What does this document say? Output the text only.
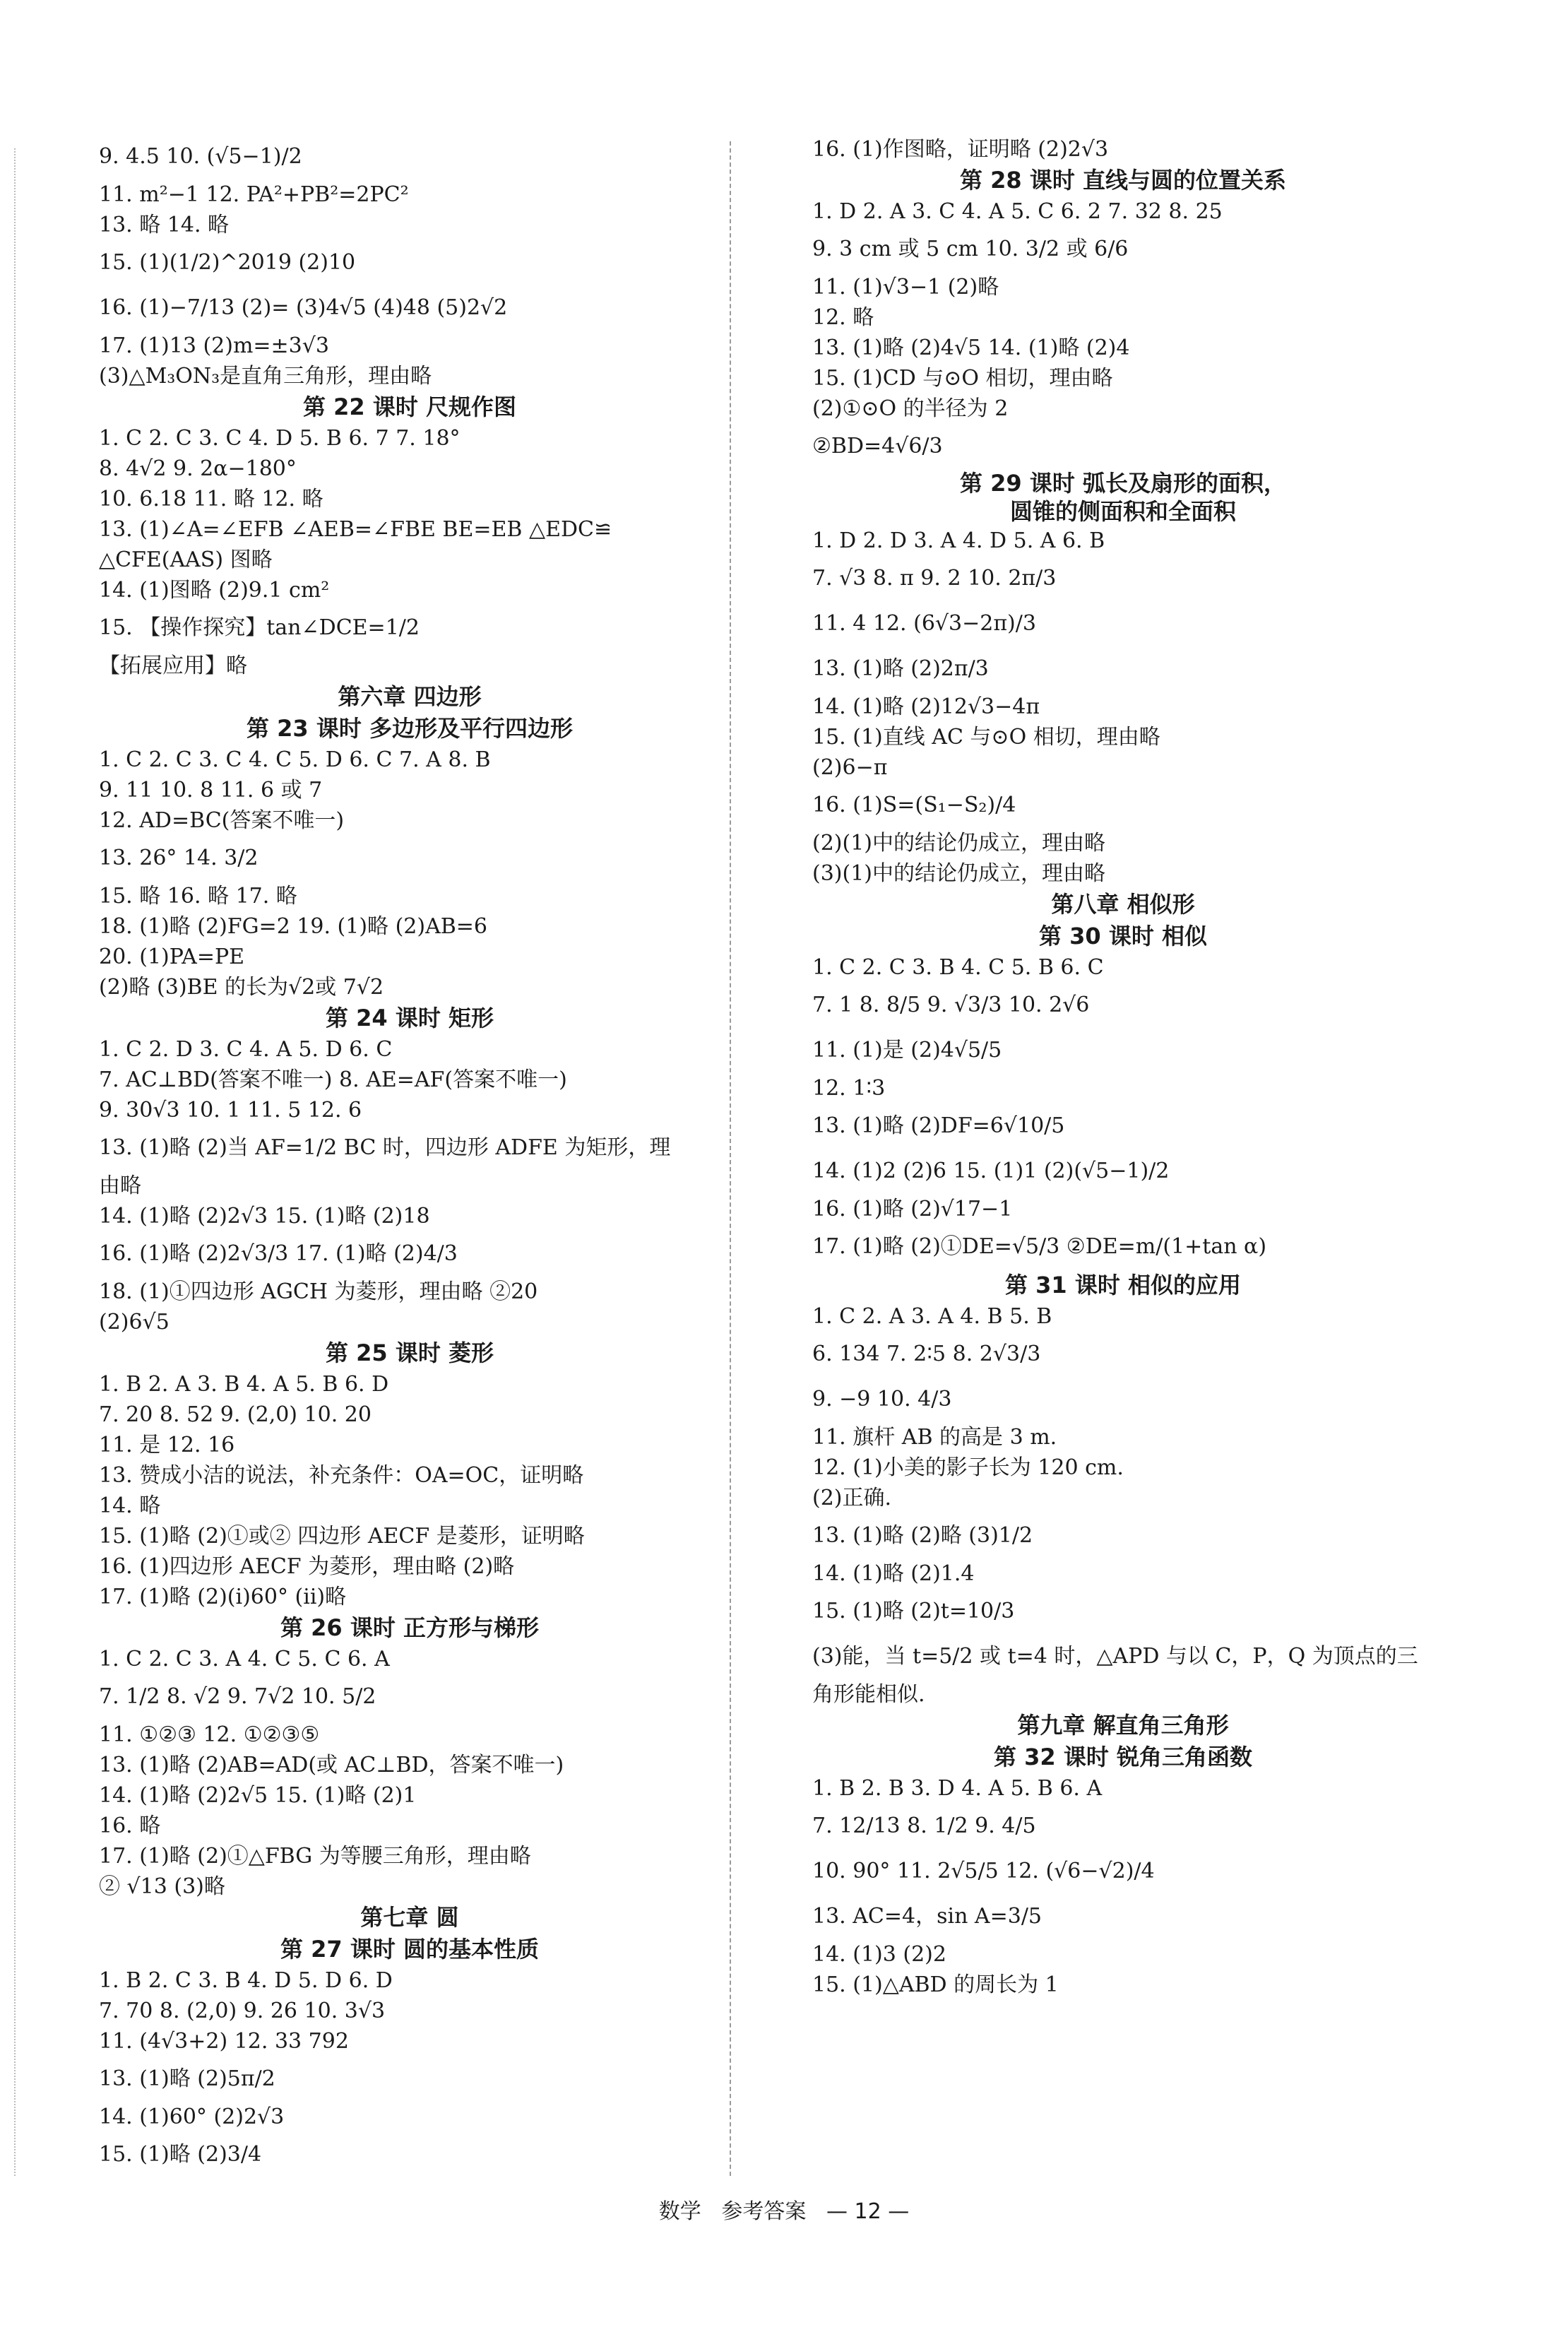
9. 4.5 10. (√5−1)/2
11. m²−1 12. PA²+PB²=2PC²
13. 略 14. 略
15. (1)(1/2)^2019 (2)10
16. (1)−7/13 (2)= (3)4√5 (4)48 (5)2√2
17. (1)13 (2)m=±3√3
(3)△M₃ON₃是直角三角形，理由略
第 22 课时 尺规作图
1. C 2. C 3. C 4. D 5. B 6. 7 7. 18°
8. 4√2 9. 2α−180°
10. 6.18 11. 略 12. 略
13. (1)∠A=∠EFB ∠AEB=∠FBE BE=EB △EDC≌
△CFE(AAS) 图略
14. (1)图略 (2)9.1 cm²
15. 【操作探究】tan∠DCE=1/2
【拓展应用】略
第六章 四边形
第 23 课时 多边形及平行四边形
1. C 2. C 3. C 4. C 5. D 6. C 7. A 8. B
9. 11 10. 8 11. 6 或 7
12. AD=BC(答案不唯一)
13. 26° 14. 3/2
15. 略 16. 略 17. 略
18. (1)略 (2)FG=2 19. (1)略 (2)AB=6
20. (1)PA=PE
(2)略 (3)BE 的长为√2或 7√2
第 24 课时 矩形
1. C 2. D 3. C 4. A 5. D 6. C
7. AC⊥BD(答案不唯一) 8. AE=AF(答案不唯一)
9. 30√3 10. 1 11. 5 12. 6
13. (1)略 (2)当 AF=1/2 BC 时，四边形 ADFE 为矩形，理
由略
14. (1)略 (2)2√3 15. (1)略 (2)18
16. (1)略 (2)2√3/3 17. (1)略 (2)4/3
18. (1)①四边形 AGCH 为菱形，理由略 ②20
(2)6√5
第 25 课时 菱形
1. B 2. A 3. B 4. A 5. B 6. D
7. 20 8. 52 9. (2,0) 10. 20
11. 是 12. 16
13. 赞成小洁的说法，补充条件：OA=OC，证明略
14. 略
15. (1)略 (2)①或② 四边形 AECF 是菱形，证明略
16. (1)四边形 AECF 为菱形，理由略 (2)略
17. (1)略 (2)(ⅰ)60° (ⅱ)略
第 26 课时 正方形与梯形
1. C 2. C 3. A 4. C 5. C 6. A
7. 1/2 8. √2 9. 7√2 10. 5/2
11. ①②③ 12. ①②③⑤
13. (1)略 (2)AB=AD(或 AC⊥BD，答案不唯一)
14. (1)略 (2)2√5 15. (1)略 (2)1
16. 略
17. (1)略 (2)①△FBG 为等腰三角形，理由略
② √13 (3)略
第七章 圆
第 27 课时 圆的基本性质
1. B 2. C 3. B 4. D 5. D 6. D
7. 70 8. (2,0) 9. 26 10. 3√3
11. (4√3+2) 12. 33 792
13. (1)略 (2)5π/2
14. (1)60° (2)2√3
15. (1)略 (2)3/4
16. (1)作图略，证明略 (2)2√3
第 28 课时 直线与圆的位置关系
1. D 2. A 3. C 4. A 5. C 6. 2 7. 32 8. 25
9. 3 cm 或 5 cm 10. 3/2 或 6/6
11. (1)√3−1 (2)略
12. 略
13. (1)略 (2)4√5 14. (1)略 (2)4
15. (1)CD 与⊙O 相切，理由略
(2)①⊙O 的半径为 2
②BD=4√6/3
第 29 课时 弧长及扇形的面积，
圆锥的侧面积和全面积
1. D 2. D 3. A 4. D 5. A 6. B
7. √3 8. π 9. 2 10. 2π/3
11. 4 12. (6√3−2π)/3
13. (1)略 (2)2π/3
14. (1)略 (2)12√3−4π
15. (1)直线 AC 与⊙O 相切，理由略
(2)6−π
16. (1)S=(S₁−S₂)/4
(2)(1)中的结论仍成立，理由略
(3)(1)中的结论仍成立，理由略
第八章 相似形
第 30 课时 相似
1. C 2. C 3. B 4. C 5. B 6. C
7. 1 8. 8/5 9. √3/3 10. 2√6
11. (1)是 (2)4√5/5
12. 1∶3
13. (1)略 (2)DF=6√10/5
14. (1)2 (2)6 15. (1)1 (2)(√5−1)/2
16. (1)略 (2)√17−1
17. (1)略 (2)①DE=√5/3 ②DE=m/(1+tan α)
第 31 课时 相似的应用
1. C 2. A 3. A 4. B 5. B
6. 134 7. 2∶5 8. 2√3/3
9. −9 10. 4/3
11. 旗杆 AB 的高是 3 m.
12. (1)小美的影子长为 120 cm.
(2)正确.
13. (1)略 (2)略 (3)1/2
14. (1)略 (2)1.4
15. (1)略 (2)t=10/3
(3)能，当 t=5/2 或 t=4 时，△APD 与以 C，P，Q 为顶点的三
角形能相似.
第九章 解直角三角形
第 32 课时 锐角三角函数
1. B 2. B 3. D 4. A 5. B 6. A
7. 12/13 8. 1/2 9. 4/5
10. 90° 11. 2√5/5 12. (√6−√2)/4
13. AC=4，sin A=3/5
14. (1)3 (2)2
15. (1)△ABD 的周长为 1
数学   参考答案   — 12 —
